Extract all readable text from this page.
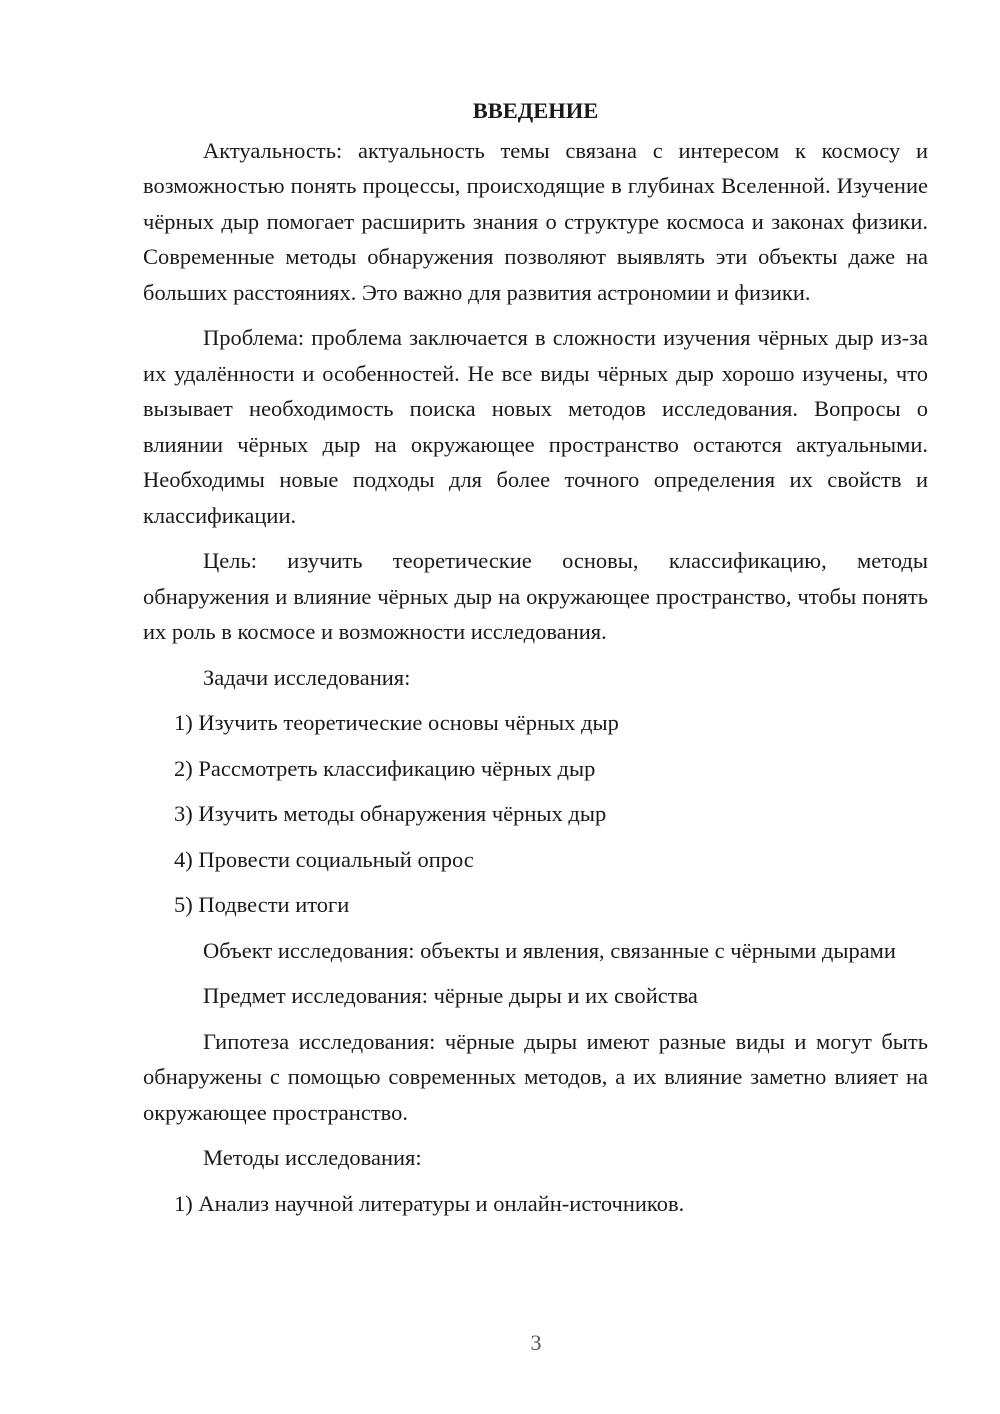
ВВЕДЕНИЕ

Актуальность: актуальность темы связана с интересом к космосу и возможностью понять процессы, происходящие в глубинах Вселенной. Изучение чёрных дыр помогает расширить знания о структуре космоса и законах физики. Современные методы обнаружения позволяют выявлять эти объекты даже на больших расстояниях. Это важно для развития астрономии и физики.

Проблема: проблема заключается в сложности изучения чёрных дыр из-за их удалённости и особенностей. Не все виды чёрных дыр хорошо изучены, что вызывает необходимость поиска новых методов исследования. Вопросы о влиянии чёрных дыр на окружающее пространство остаются актуальными. Необходимы новые подходы для более точного определения их свойств и классификации.

Цель: изучить теоретические основы, классификацию, методы обнаружения и влияние чёрных дыр на окружающее пространство, чтобы понять их роль в космосе и возможности исследования.

Задачи исследования:

1) Изучить теоретические основы чёрных дыр
2) Рассмотреть классификацию чёрных дыр
3) Изучить методы обнаружения чёрных дыр
4) Провести социальный опрос
5) Подвести итоги

Объект исследования: объекты и явления, связанные с чёрными дырами

Предмет исследования: чёрные дыры и их свойства

Гипотеза исследования: чёрные дыры имеют разные виды и могут быть обнаружены с помощью современных методов, а их влияние заметно влияет на окружающее пространство.

Методы исследования:

1) Анализ научной литературы и онлайн-источников.
3
